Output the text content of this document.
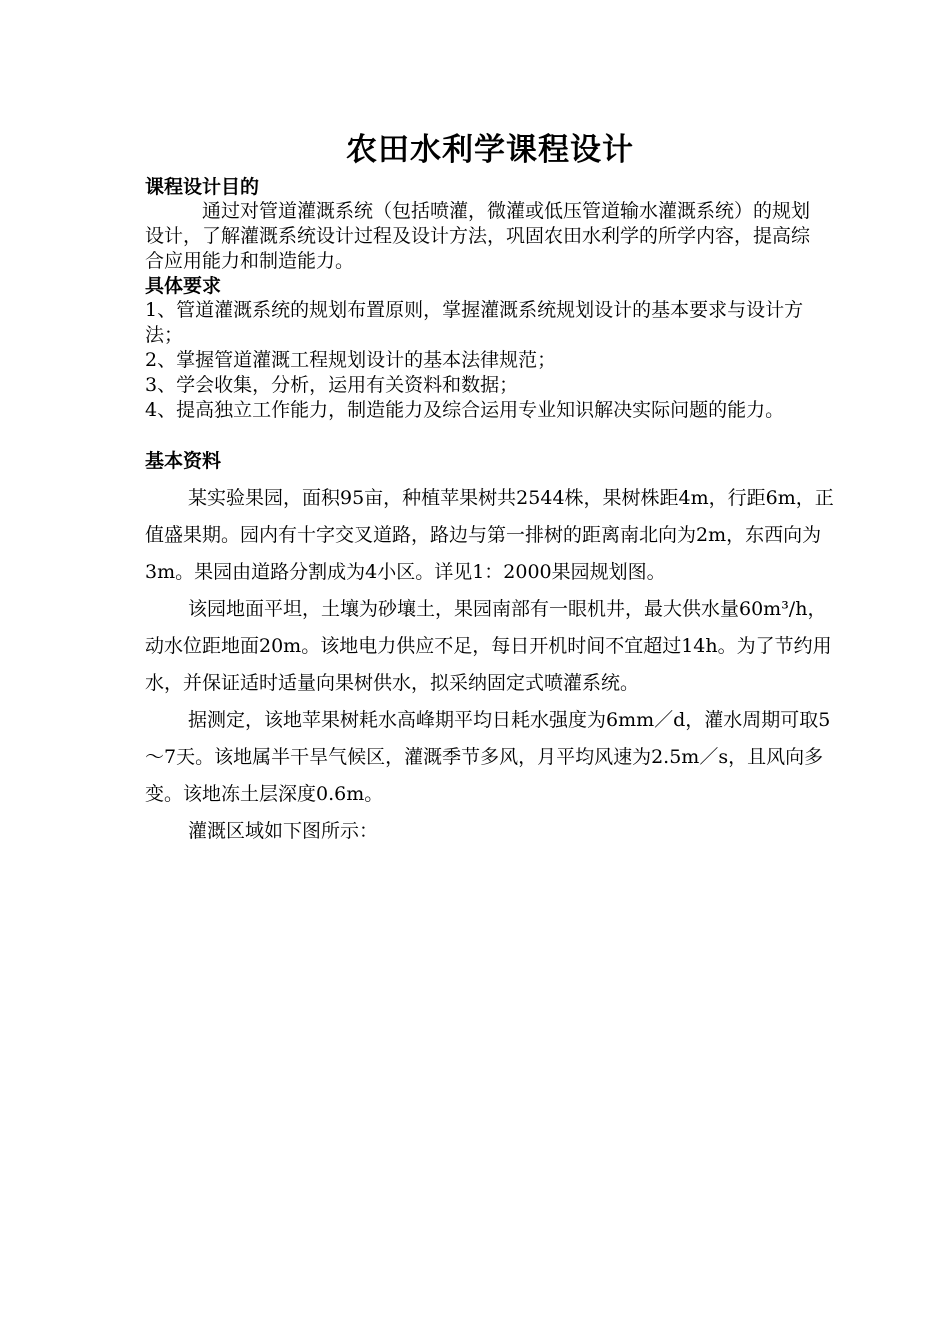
农田水利学课程设计
课程设计目的

通过对管道灌溉系统（包括喷灌，微灌或低压管道输水灌溉系统）的规划设计，了解灌溉系统设计过程及设计方法，巩固农田水利学的所学内容，提高综合应用能力和制造能力。

具体要求

1、管道灌溉系统的规划布置原则，掌握灌溉系统规划设计的基本要求与设计方法；

2、掌握管道灌溉工程规划设计的基本法律规范；

3、学会收集，分析，运用有关资料和数据；

4、提高独立工作能力，制造能力及综合运用专业知识解决实际问题的能力。

基本资料

某实验果园，面积95亩，种植苹果树共2544株，果树株距4m，行距6m，正值盛果期。园内有十字交叉道路，路边与第一排树的距离南北向为2m，东西向为3m。果园由道路分割成为4小区。详见1：2000果园规划图。

该园地面平坦，土壤为砂壤土，果园南部有一眼机井，最大供水量60m³/h，动水位距地面20m。该地电力供应不足，每日开机时间不宜超过14h。为了节约用水，并保证适时适量向果树供水，拟采纳固定式喷灌系统。

据测定，该地苹果树耗水高峰期平均日耗水强度为6mm／d，灌水周期可取5～7天。该地属半干旱气候区，灌溉季节多风，月平均风速为2.5m／s，且风向多变。该地冻土层深度0.6m。

灌溉区域如下图所示：
